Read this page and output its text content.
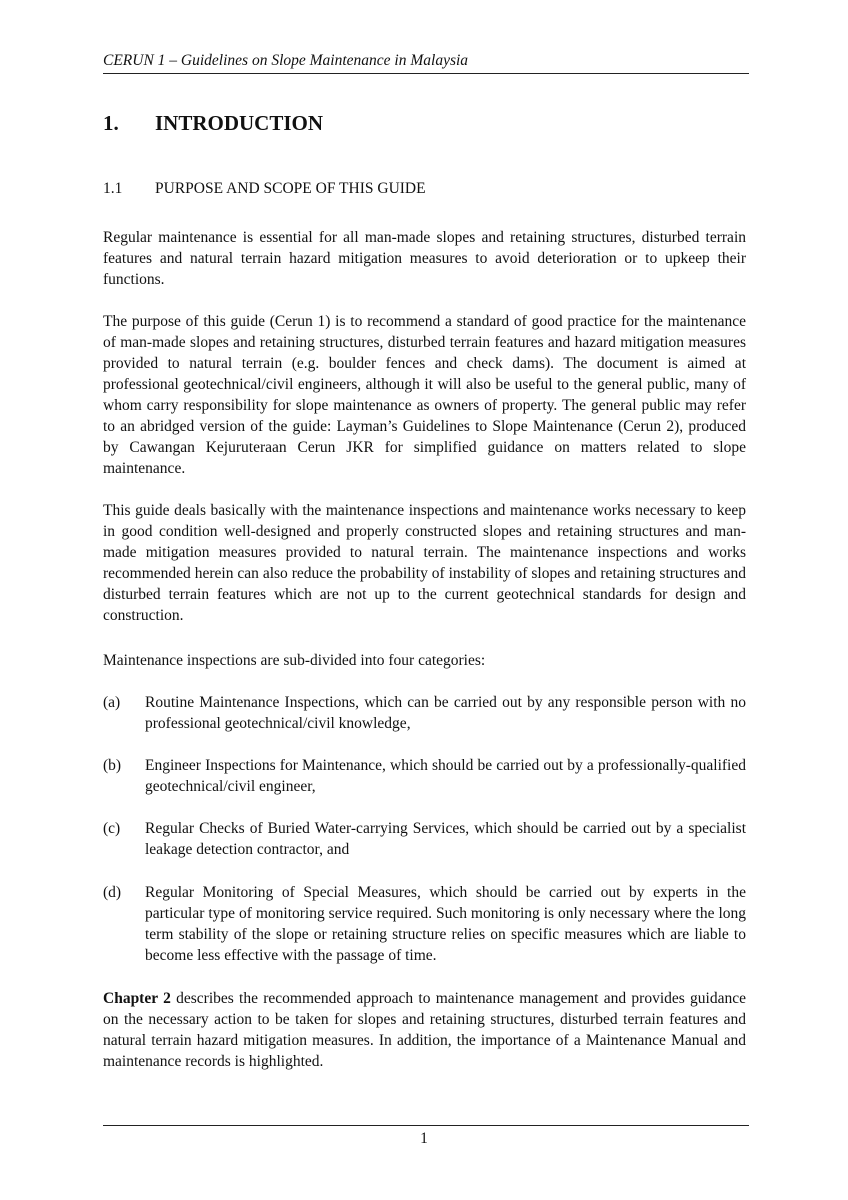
CERUN 1 – Guidelines on Slope Maintenance in Malaysia
1. INTRODUCTION
1.1 PURPOSE AND SCOPE OF THIS GUIDE

Regular maintenance is essential for all man-made slopes and retaining structures, disturbed terrain features and natural terrain hazard mitigation measures to avoid deterioration or to upkeep their functions.

The purpose of this guide (Cerun 1) is to recommend a standard of good practice for the maintenance of man-made slopes and retaining structures, disturbed terrain features and hazard mitigation measures provided to natural terrain (e.g. boulder fences and check dams). The document is aimed at professional geotechnical/civil engineers, although it will also be useful to the general public, many of whom carry responsibility for slope maintenance as owners of property. The general public may refer to an abridged version of the guide: Layman’s Guidelines to Slope Maintenance (Cerun 2), produced by Cawangan Kejuruteraan Cerun JKR for simplified guidance on matters related to slope maintenance.

This guide deals basically with the maintenance inspections and maintenance works necessary to keep in good condition well-designed and properly constructed slopes and retaining structures and man-made mitigation measures provided to natural terrain. The maintenance inspections and works recommended herein can also reduce the probability of instability of slopes and retaining structures and disturbed terrain features which are not up to the current geotechnical standards for design and construction.

Maintenance inspections are sub-divided into four categories:

(a) Routine Maintenance Inspections, which can be carried out by any responsible person with no professional geotechnical/civil knowledge,
(b) Engineer Inspections for Maintenance, which should be carried out by a professionally-qualified geotechnical/civil engineer,
(c) Regular Checks of Buried Water-carrying Services, which should be carried out by a specialist leakage detection contractor, and
(d) Regular Monitoring of Special Measures, which should be carried out by experts in the particular type of monitoring service required. Such monitoring is only necessary where the long term stability of the slope or retaining structure relies on specific measures which are liable to become less effective with the passage of time.

Chapter 2 describes the recommended approach to maintenance management and provides guidance on the necessary action to be taken for slopes and retaining structures, disturbed terrain features and natural terrain hazard mitigation measures. In addition, the importance of a Maintenance Manual and maintenance records is highlighted.

1
